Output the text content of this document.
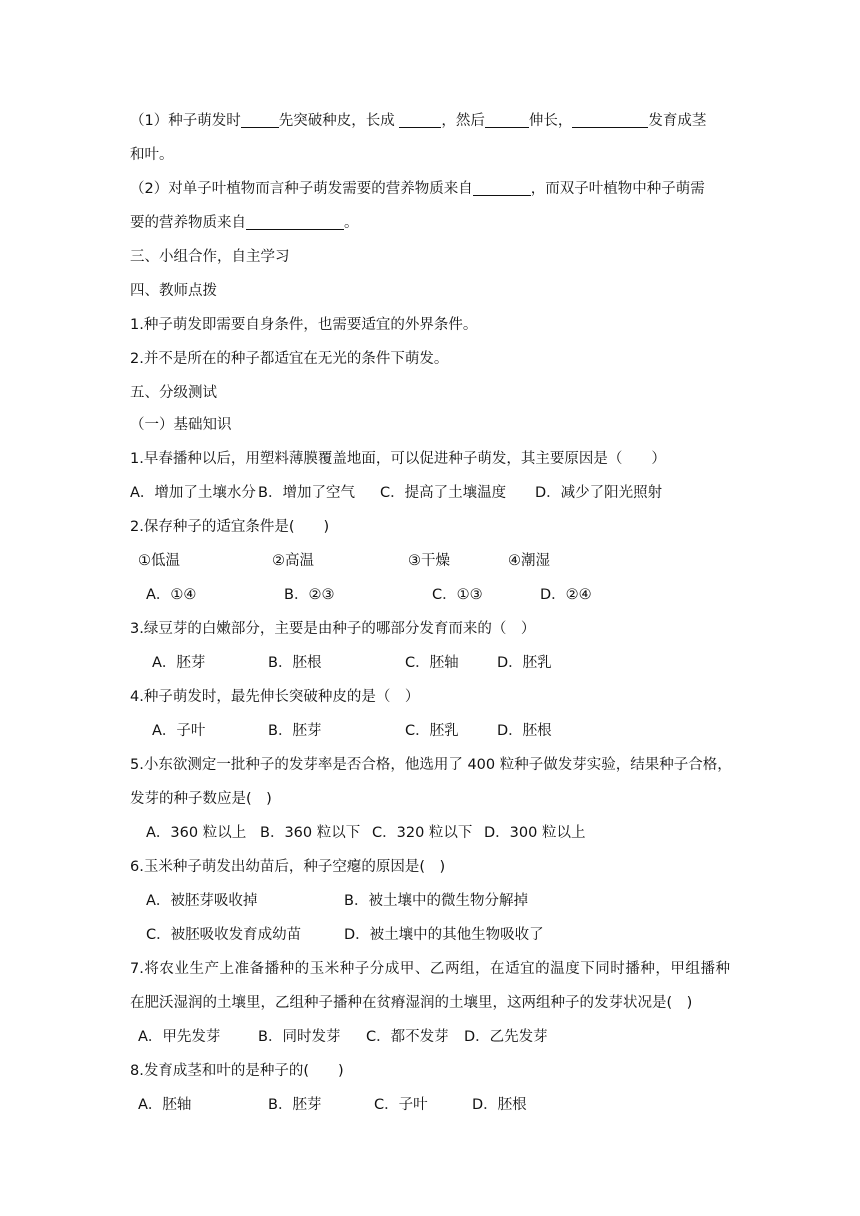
（1）种子萌发时	先突破种皮，长成	，然后	伸长，	发育成茎
和叶。
（2）对单子叶植物而言种子萌发需要的营养物质来自	，而双子叶植物中种子萌需
要的营养物质来自	。
三、小组合作，自主学习
四、教师点拨
1.种子萌发即需要自身条件，也需要适宜的外界条件。
2.并不是所在的种子都适宜在无光的条件下萌发。
五、分级测试
（一）基础知识
1.早春播种以后，用塑料薄膜覆盖地面，可以促进种子萌发，其主要原因是（　　）
A．增加了土壤水分 B．增加了空气 C．提高了土壤温度 D．减少了阳光照射
2.保存种子的适宜条件是(　　)
①低温	②高温	③干燥	④潮湿
A．①④	B．②③	C．①③	D．②④
3.绿豆芽的白嫩部分，主要是由种子的哪部分发育而来的（　）
A．胚芽	B．胚根	C．胚轴	D．胚乳
4.种子萌发时，最先伸长突破种皮的是（　）
A．子叶	B．胚芽	C．胚乳	D．胚根
5.小东欲测定一批种子的发芽率是否合格，他选用了 400 粒种子做发芽实验，结果种子合格，
发芽的种子数应是(　)
A．360 粒以上 B．360 粒以下 C．320 粒以下 D．300 粒以上
6.玉米种子萌发出幼苗后，种子空瘪的原因是(　)
A．被胚芽吸收掉	B．被土壤中的微生物分解掉
C．被胚吸收发育成幼苗	D．被土壤中的其他生物吸收了
7.将农业生产上准备播种的玉米种子分成甲、乙两组，在适宜的温度下同时播种，甲组播种
在肥沃湿润的土壤里，乙组种子播种在贫瘠湿润的土壤里，这两组种子的发芽状况是(　)
A．甲先发芽	B．同时发芽 C．都不发芽 D．乙先发芽
8.发育成茎和叶的是种子的(　　)
A．胚轴	B．胚芽	C．子叶	D．胚根
